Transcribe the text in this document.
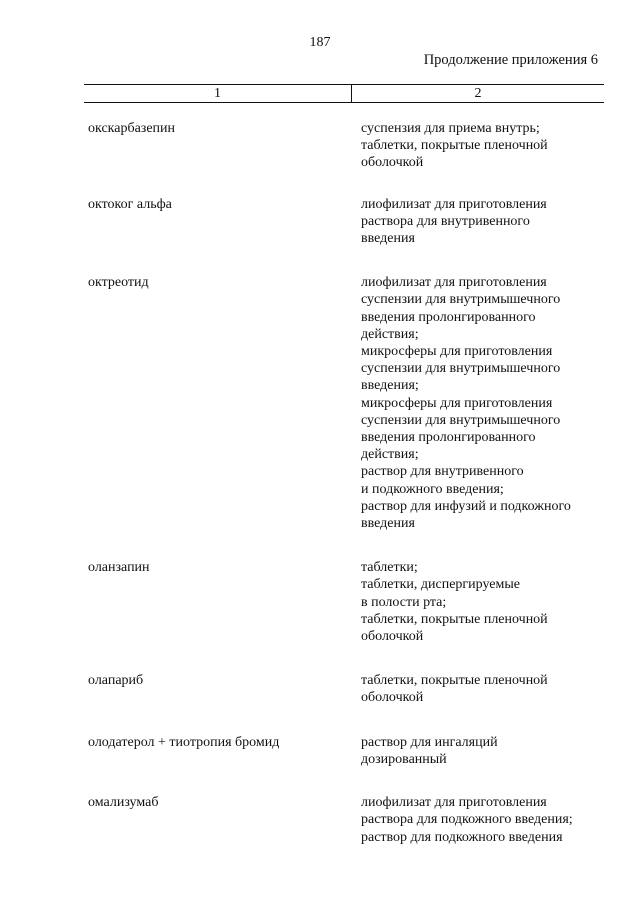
187
Продолжение приложения 6
1	2
окскарбазепин	суспензия для приема внутрь;
таблетки, покрытые пленочной
оболочкой
октоког альфа	лиофилизат для приготовления
раствора для внутривенного
введения
октреотид	лиофилизат для приготовления
суспензии для внутримышечного
введения пролонгированного
действия;
микросферы для приготовления
суспензии для внутримышечного
введения;
микросферы для приготовления
суспензии для внутримышечного
введения пролонгированного
действия;
раствор для внутривенного
и подкожного введения;
раствор для инфузий и подкожного
введения
оланзапин	таблетки;
таблетки, диспергируемые
в полости рта;
таблетки, покрытые пленочной
оболочкой
олапариб	таблетки, покрытые пленочной
оболочкой
олодатерол + тиотропия бромид	раствор для ингаляций
дозированный
омализумаб	лиофилизат для приготовления
раствора для подкожного введения;
раствор для подкожного введения
